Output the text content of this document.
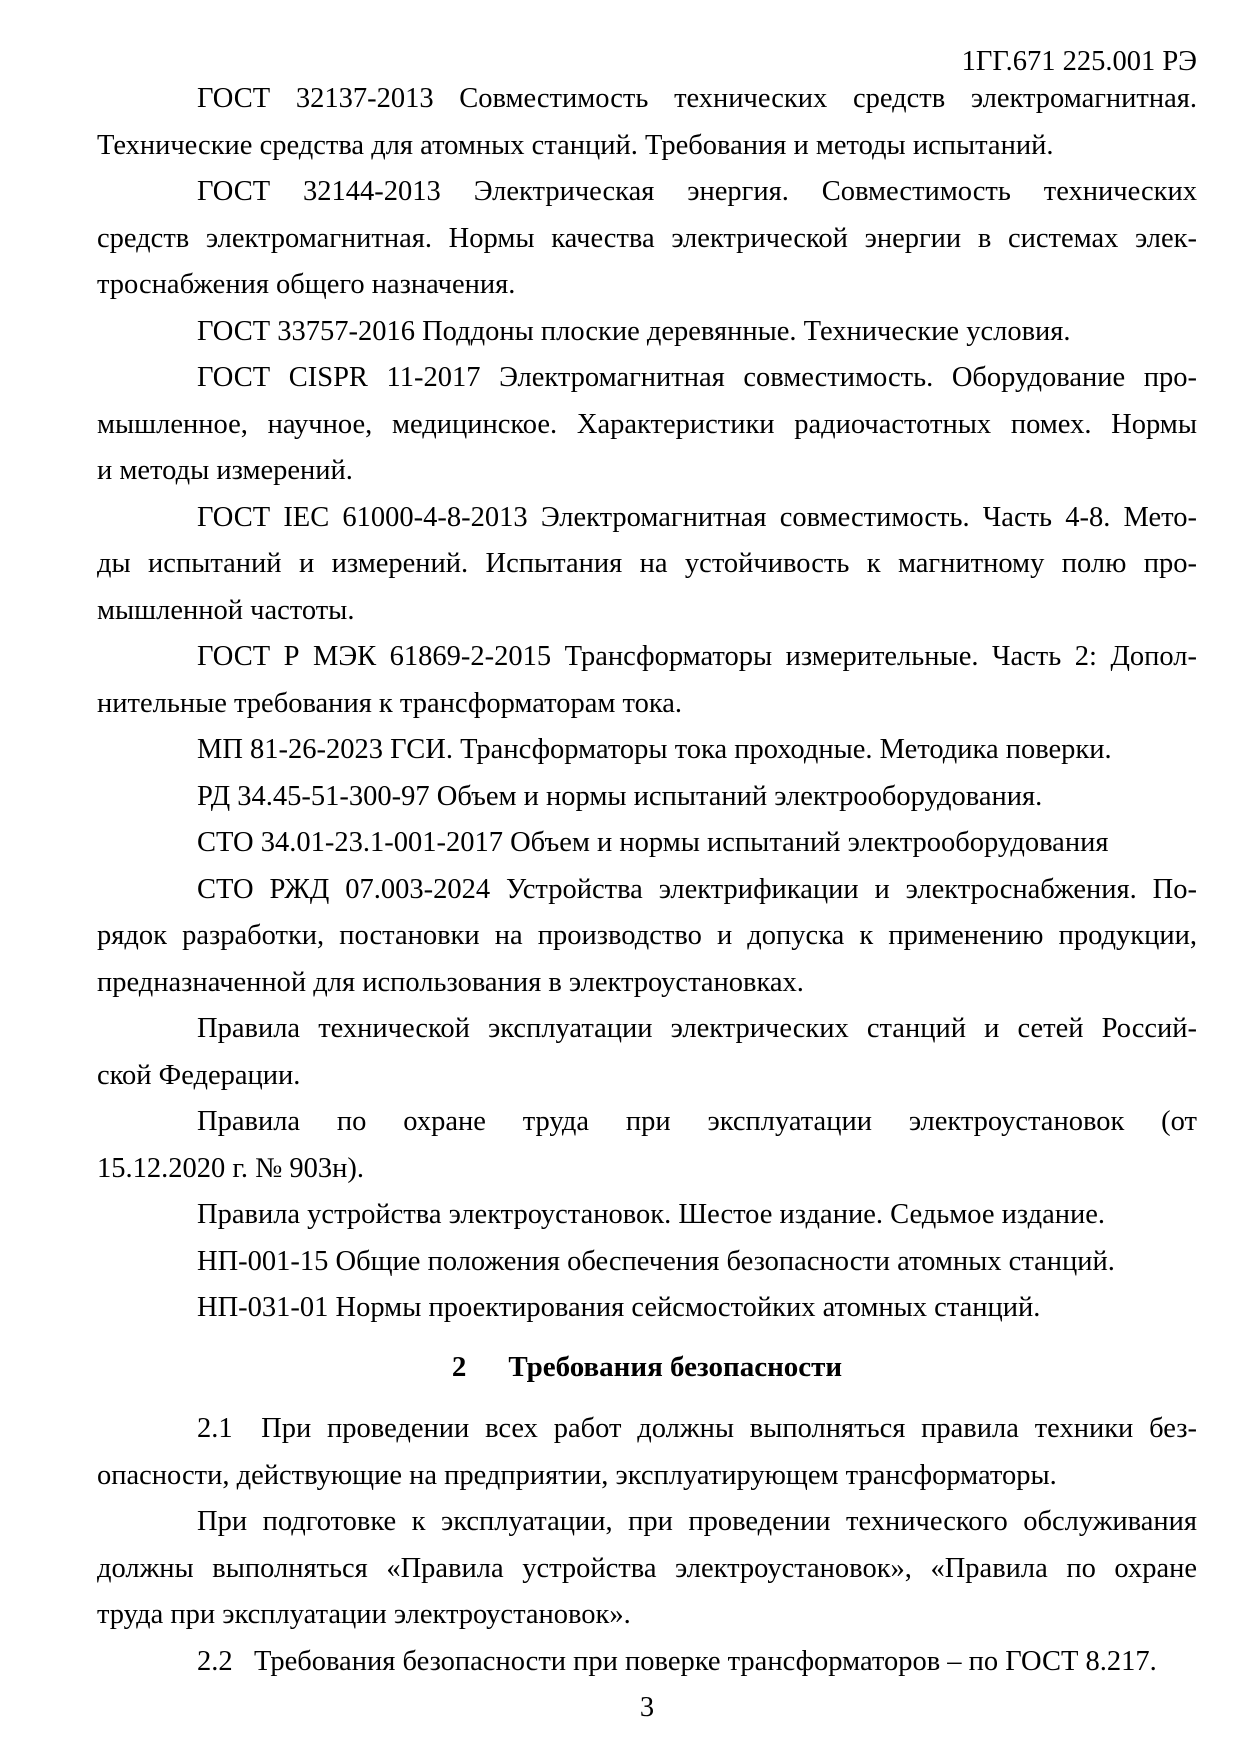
1ГГ.671 225.001 РЭ
ГОСТ 32137-2013 Совместимость технических средств электромагнитная.
Технические средства для атомных станций. Требования и методы испытаний.
ГОСТ 32144-2013 Электрическая энергия. Совместимость технических
средств электромагнитная. Нормы качества электрической энергии в системах элек-
троснабжения общего назначения.
ГОСТ 33757-2016 Поддоны плоские деревянные. Технические условия.
ГОСТ CISPR 11-2017 Электромагнитная совместимость. Оборудование про-
мышленное, научное, медицинское. Характеристики радиочастотных помех. Нормы
и методы измерений.
ГОСТ IEC 61000-4-8-2013 Электромагнитная совместимость. Часть 4-8. Мето-
ды испытаний и измерений. Испытания на устойчивость к магнитному полю про-
мышленной частоты.
ГОСТ Р МЭК 61869-2-2015 Трансформаторы измерительные. Часть 2: Допол-
нительные требования к трансформаторам тока.
МП 81-26-2023 ГСИ. Трансформаторы тока проходные. Методика поверки.
РД 34.45-51-300-97 Объем и нормы испытаний электрооборудования.
СТО 34.01-23.1-001-2017 Объем и нормы испытаний электрооборудования
СТО РЖД 07.003-2024 Устройства электрификации и электроснабжения. По-
рядок разработки, постановки на производство и допуска к применению продукции,
предназначенной для использования в электроустановках.
Правила технической эксплуатации электрических станций и сетей Россий-
ской Федерации.
Правила по охране труда при эксплуатации электроустановок (от
15.12.2020 г. № 903н).
Правила устройства электроустановок. Шестое издание. Седьмое издание.
НП-001-15 Общие положения обеспечения безопасности атомных станций.
НП-031-01 Нормы проектирования сейсмостойких атомных станций.
2 Требования безопасности
2.1 При проведении всех работ должны выполняться правила техники без-
опасности, действующие на предприятии, эксплуатирующем трансформаторы.
При подготовке к эксплуатации, при проведении технического обслуживания
должны выполняться «Правила устройства электроустановок», «Правила по охране
труда при эксплуатации электроустановок».
2.2  Требования безопасности при поверке трансформаторов – по ГОСТ 8.217.
3
